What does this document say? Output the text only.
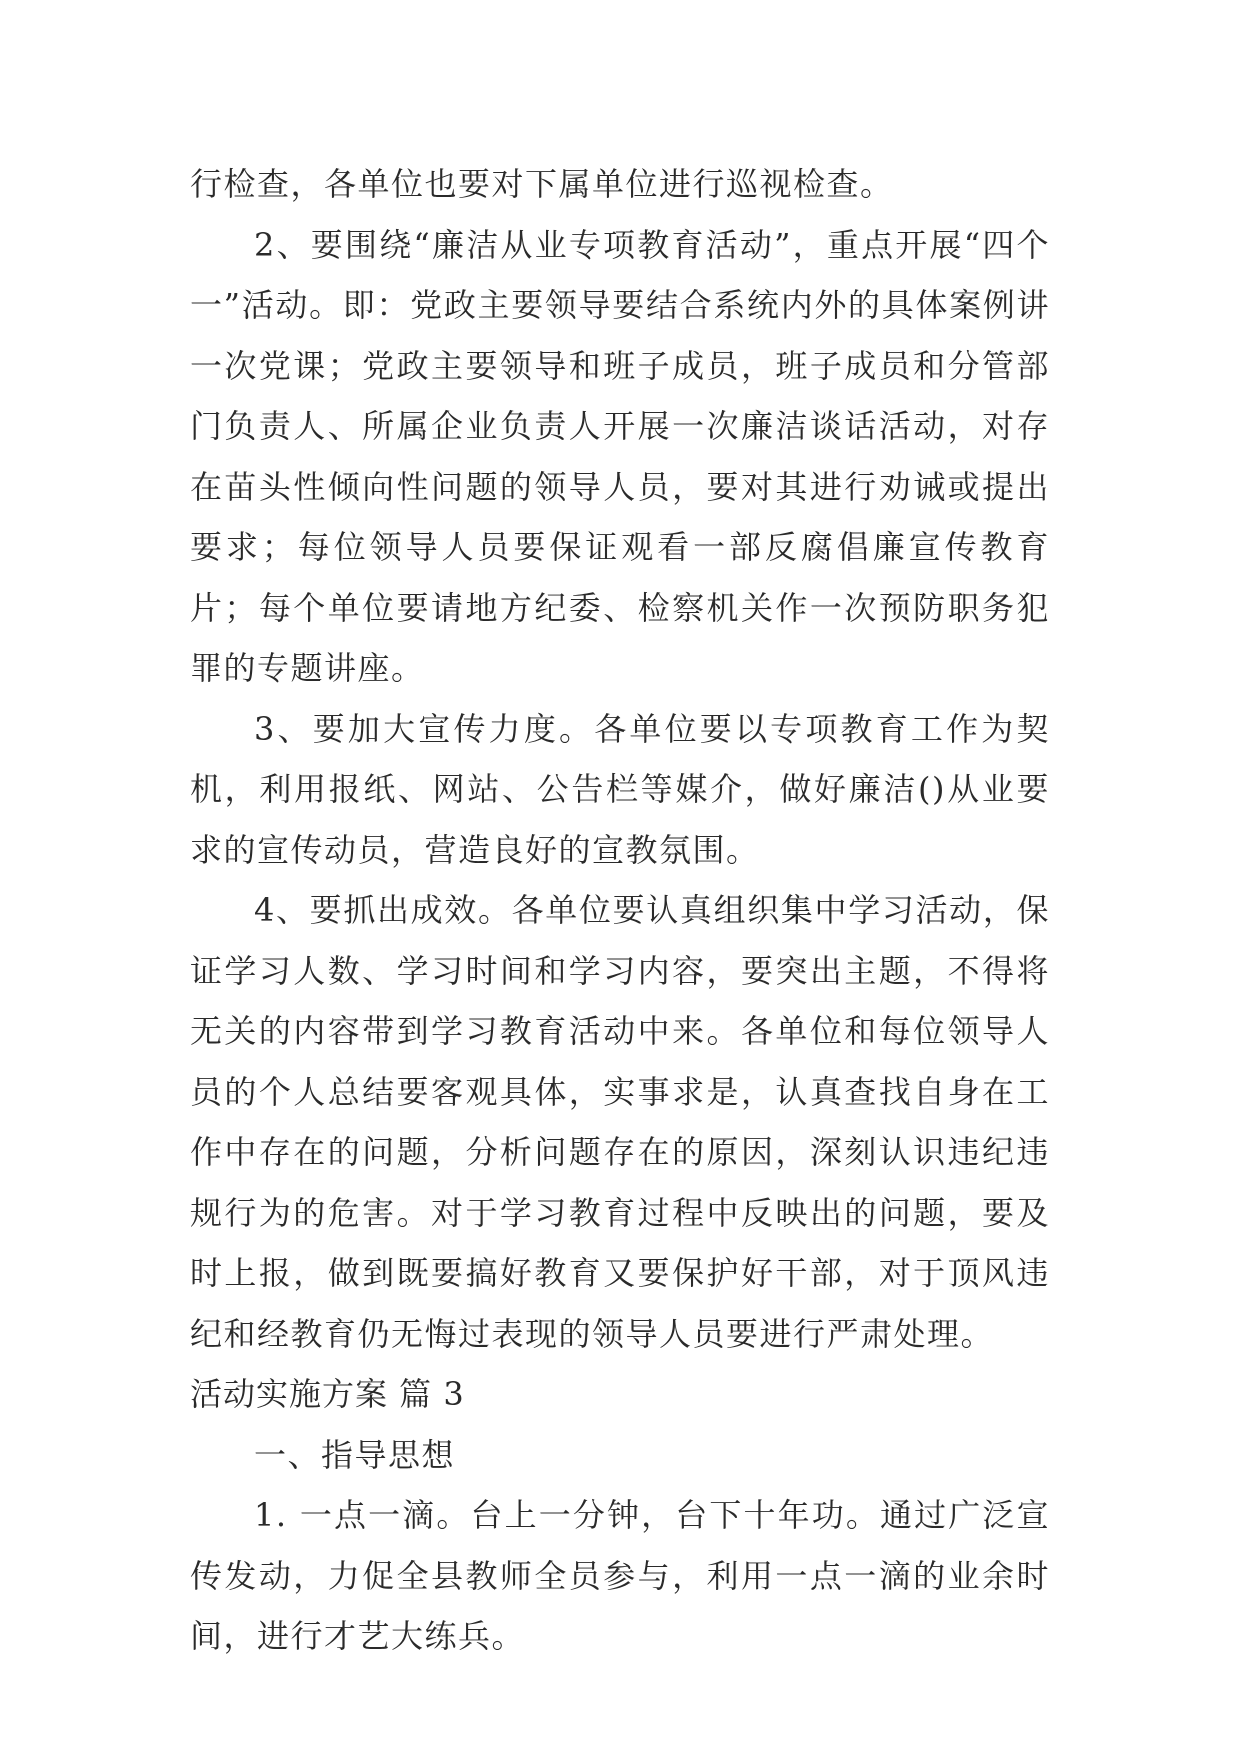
行检查，各单位也要对下属单位进行巡视检查。

2、要围绕“廉洁从业专项教育活动”，重点开展“四个一”活动。即：党政主要领导要结合系统内外的具体案例讲一次党课；党政主要领导和班子成员，班子成员和分管部门负责人、所属企业负责人开展一次廉洁谈话活动，对存在苗头性倾向性问题的领导人员，要对其进行劝诫或提出要求；每位领导人员要保证观看一部反腐倡廉宣传教育片；每个单位要请地方纪委、检察机关作一次预防职务犯罪的专题讲座。

3、要加大宣传力度。各单位要以专项教育工作为契机，利用报纸、网站、公告栏等媒介，做好廉洁()从业要求的宣传动员，营造良好的宣教氛围。

4、要抓出成效。各单位要认真组织集中学习活动，保证学习人数、学习时间和学习内容，要突出主题，不得将无关的内容带到学习教育活动中来。各单位和每位领导人员的个人总结要客观具体，实事求是，认真查找自身在工作中存在的问题，分析问题存在的原因，深刻认识违纪违规行为的危害。对于学习教育过程中反映出的问题，要及时上报，做到既要搞好教育又要保护好干部，对于顶风违纪和经教育仍无悔过表现的领导人员要进行严肃处理。

活动实施方案 篇 3

一、指导思想

1. 一点一滴。台上一分钟，台下十年功。通过广泛宣传发动，力促全县教师全员参与，利用一点一滴的业余时间，进行才艺大练兵。
